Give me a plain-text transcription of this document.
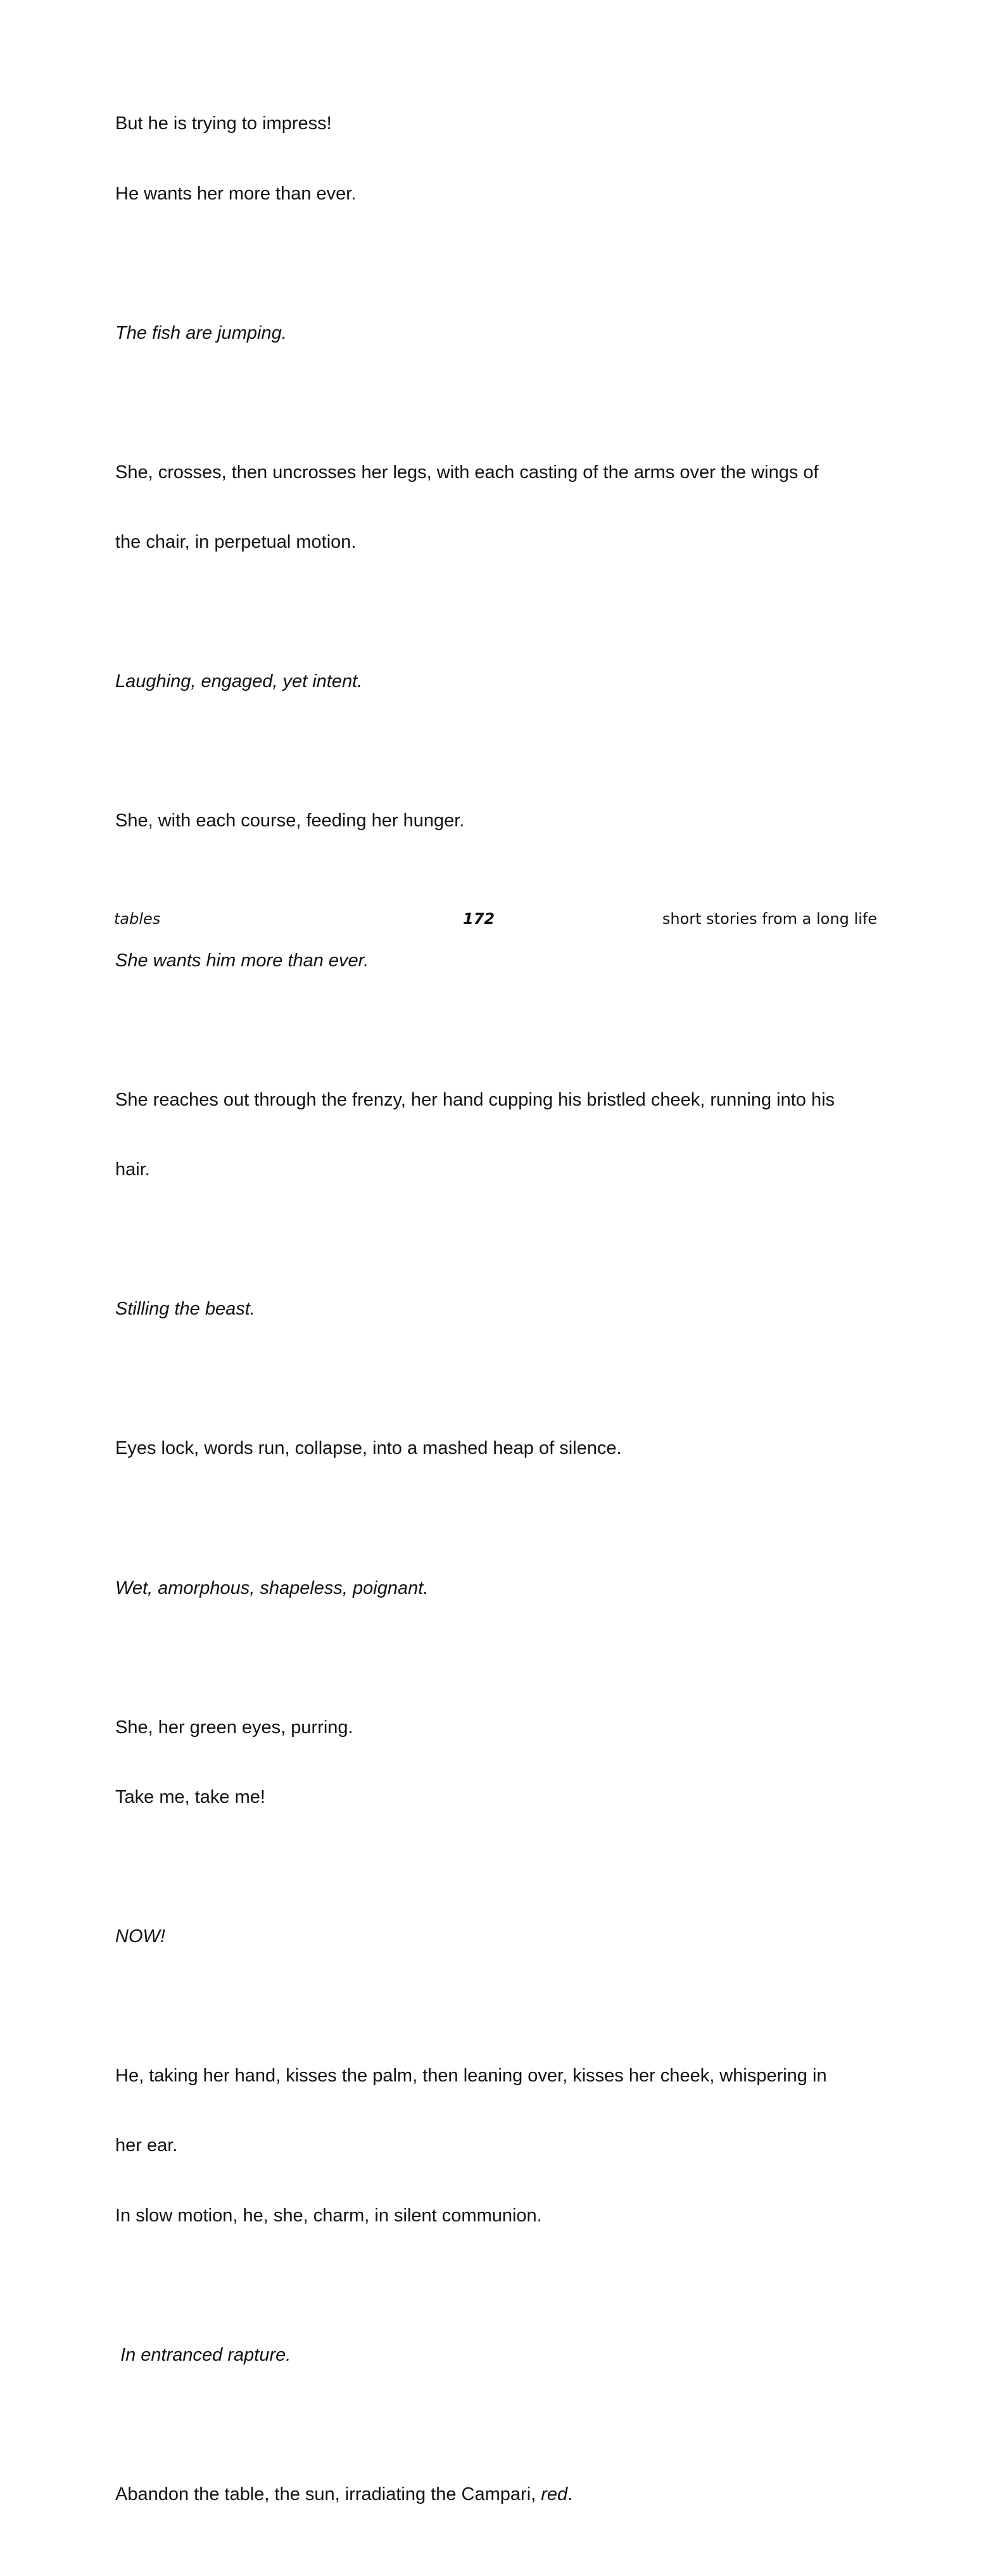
But he is trying to impress!

He wants her more than ever.

The fish are jumping.

She, crosses, then uncrosses her legs, with each casting of the arms over the wings of

the chair, in perpetual motion.

Laughing, engaged, yet intent.

She, with each course, feeding her hunger.

She wants him more than ever.

She reaches out through the frenzy, her hand cupping his bristled cheek, running into his

hair.

Stilling the beast.

Eyes lock, words run, collapse, into a mashed heap of silence.

Wet, amorphous, shapeless, poignant.

She, her green eyes, purring.

Take me, take me!

NOW!

He, taking her hand, kisses the palm, then leaning over, kisses her cheek, whispering in

her ear.

In slow motion, he, she, charm, in silent communion.

In entranced rapture.

Abandon the table, the sun, irradiating the Campari, red.

tables	172	short stories from a long life
